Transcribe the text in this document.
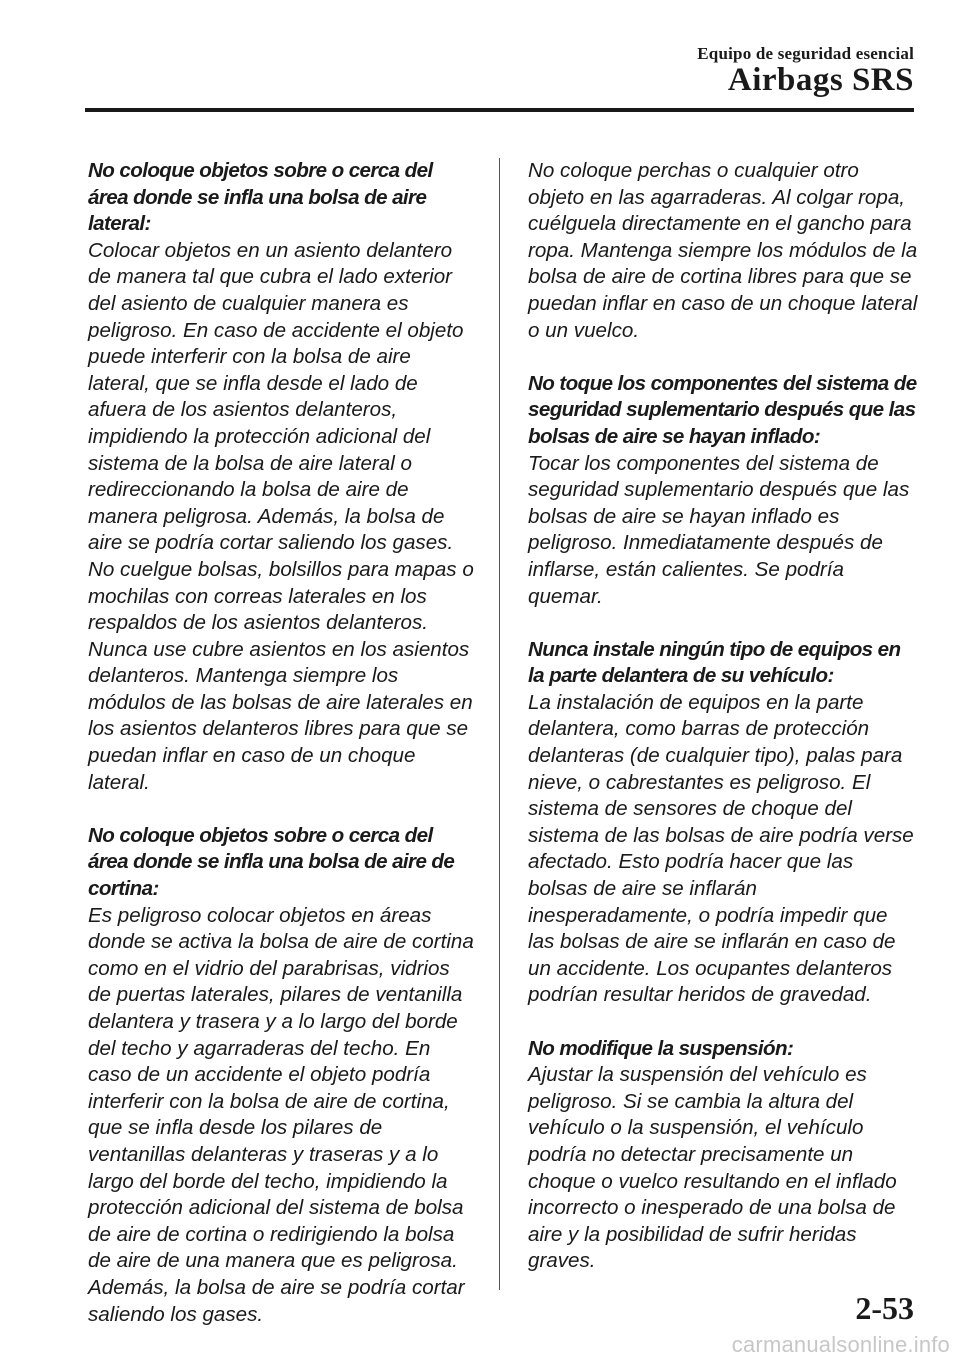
Equipo de seguridad esencial
Airbags SRS
No coloque objetos sobre o cerca del área donde se infla una bolsa de aire lateral:
Colocar objetos en un asiento delantero de manera tal que cubra el lado exterior del asiento de cualquier manera es peligroso. En caso de accidente el objeto puede interferir con la bolsa de aire lateral, que se infla desde el lado de afuera de los asientos delanteros, impidiendo la protección adicional del sistema de la bolsa de aire lateral o redireccionando la bolsa de aire de manera peligrosa. Además, la bolsa de aire se podría cortar saliendo los gases. No cuelgue bolsas, bolsillos para mapas o mochilas con correas laterales en los respaldos de los asientos delanteros. Nunca use cubre asientos en los asientos delanteros. Mantenga siempre los módulos de las bolsas de aire laterales en los asientos delanteros libres para que se puedan inflar en caso de un choque lateral.
No coloque objetos sobre o cerca del área donde se infla una bolsa de aire de cortina:
Es peligroso colocar objetos en áreas donde se activa la bolsa de aire de cortina como en el vidrio del parabrisas, vidrios de puertas laterales, pilares de ventanilla delantera y trasera y a lo largo del borde del techo y agarraderas del techo. En caso de un accidente el objeto podría interferir con la bolsa de aire de cortina, que se infla desde los pilares de ventanillas delanteras y traseras y a lo largo del borde del techo, impidiendo la protección adicional del sistema de bolsa de aire de cortina o redirigiendo la bolsa de aire de una manera que es peligrosa. Además, la bolsa de aire se podría cortar saliendo los gases.
No coloque perchas o cualquier otro objeto en las agarraderas. Al colgar ropa, cuélguela directamente en el gancho para ropa. Mantenga siempre los módulos de la bolsa de aire de cortina libres para que se puedan inflar en caso de un choque lateral o un vuelco.
No toque los componentes del sistema de seguridad suplementario después que las bolsas de aire se hayan inflado:
Tocar los componentes del sistema de seguridad suplementario después que las bolsas de aire se hayan inflado es peligroso. Inmediatamente después de inflarse, están calientes. Se podría quemar.
Nunca instale ningún tipo de equipos en la parte delantera de su vehículo:
La instalación de equipos en la parte delantera, como barras de protección delanteras (de cualquier tipo), palas para nieve, o cabrestantes es peligroso. El sistema de sensores de choque del sistema de las bolsas de aire podría verse afectado. Esto podría hacer que las bolsas de aire se inflarán inesperadamente, o podría impedir que las bolsas de aire se inflarán en caso de un accidente. Los ocupantes delanteros podrían resultar heridos de gravedad.
No modifique la suspensión:
Ajustar la suspensión del vehículo es peligroso. Si se cambia la altura del vehículo o la suspensión, el vehículo podría no detectar precisamente un choque o vuelco resultando en el inflado incorrecto o inesperado de una bolsa de aire y la posibilidad de sufrir heridas graves.
2-53
carmanualsonline.info
